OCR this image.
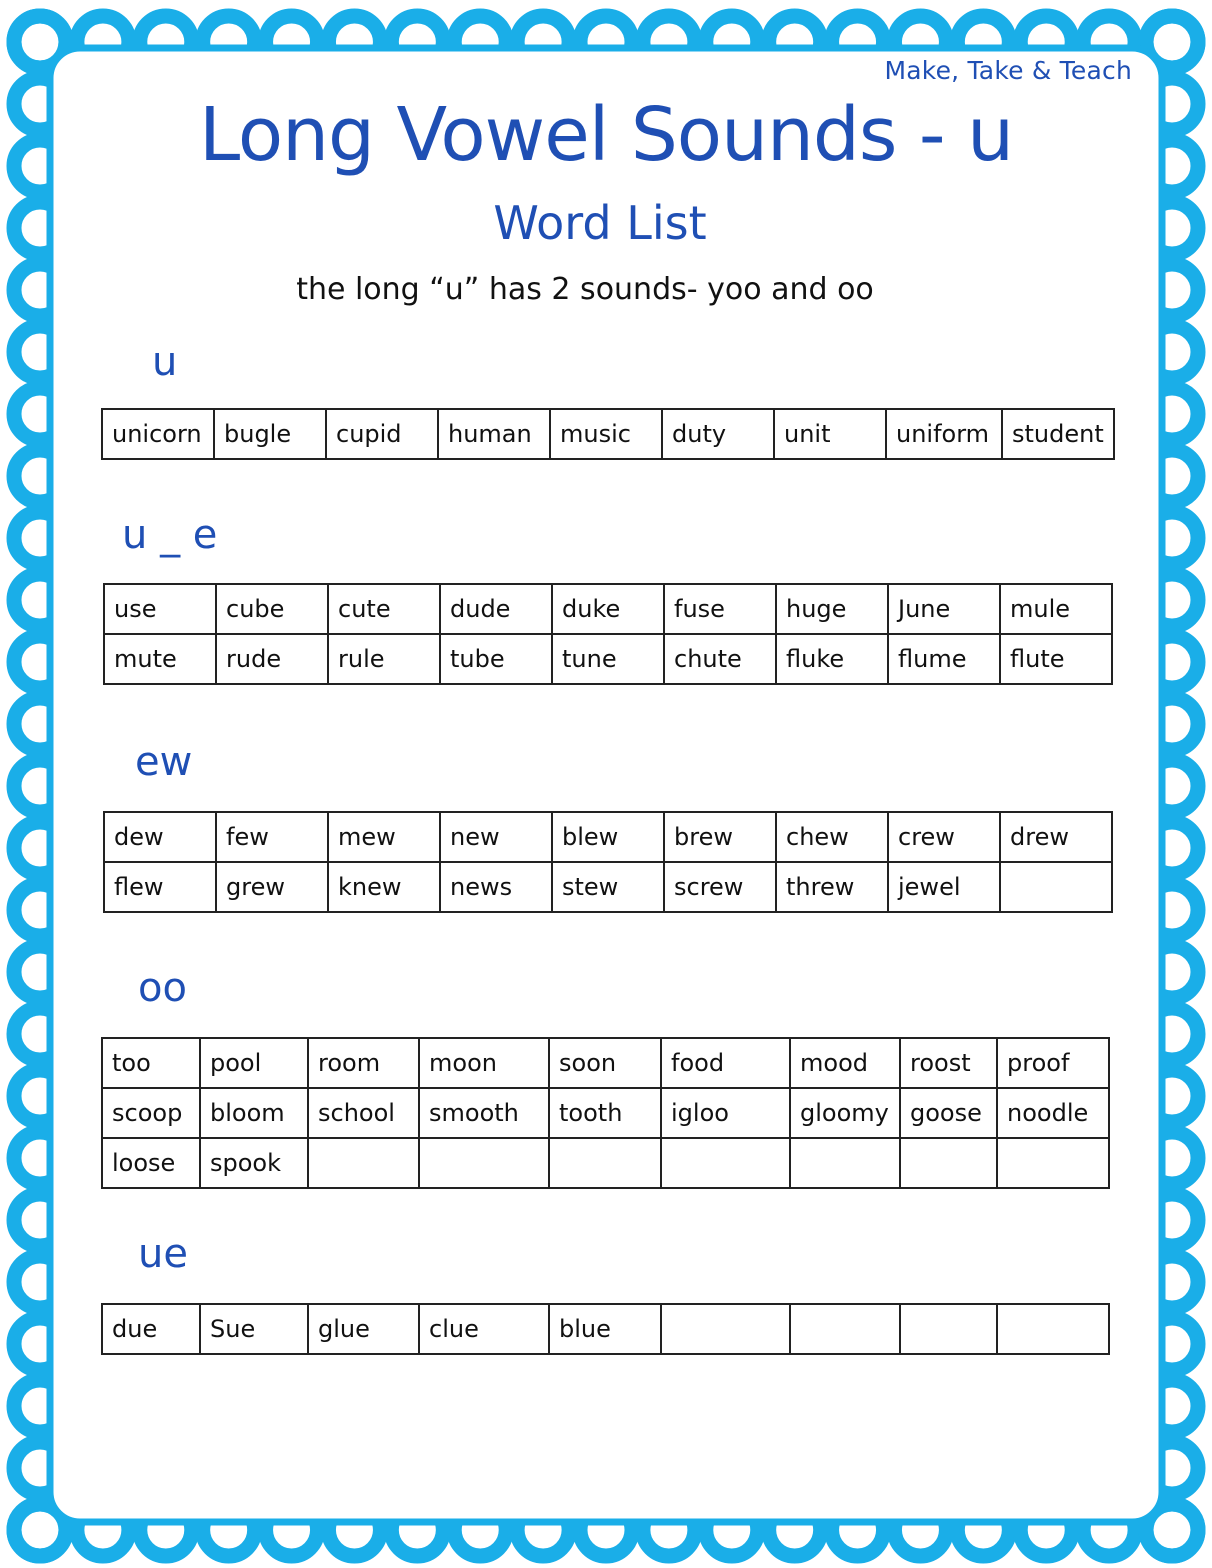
Make, Take & Teach
Long Vowel Sounds - u
Word List
the long “u” has 2 sounds- yoo and oo
u
unicorn	bugle	cupid	human	music	duty	unit	uniform	student
u _ e
use	cube	cute	dude	duke	fuse	huge	June	mule
mute	rude	rule	tube	tune	chute	fluke	flume	flute
ew
dew	few	mew	new	blew	brew	chew	crew	drew
flew	grew	knew	news	stew	screw	threw	jewel	
oo
too	pool	room	moon	soon	food	mood	roost	proof
scoop	bloom	school	smooth	tooth	igloo	gloomy	goose	noodle
loose	spook							
ue
due	Sue	glue	clue	blue				
